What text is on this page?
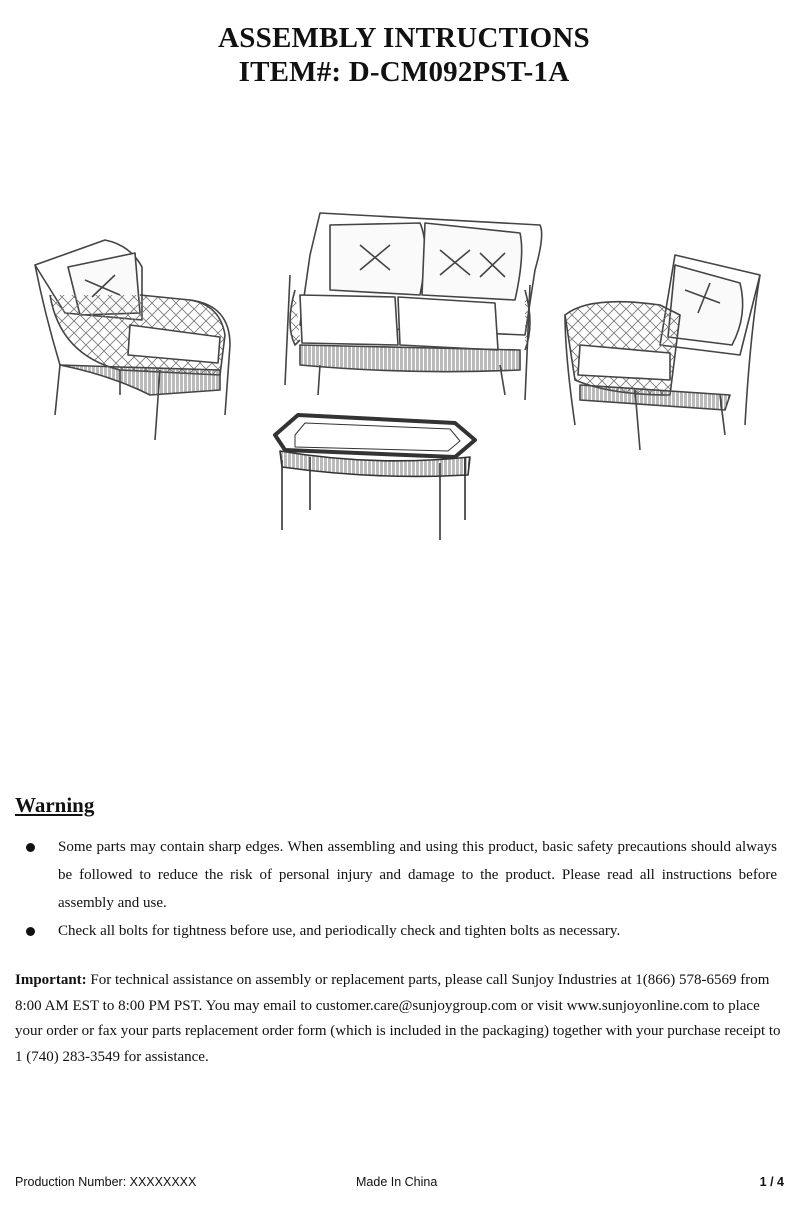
ASSEMBLY INTRUCTIONS
ITEM#: D-CM092PST-1A
Warning
Some parts may contain sharp edges. When assembling and using this product, basic safety precautions should always be followed to reduce the risk of personal injury and damage to the product. Please read all instructions before assembly and use.
Check all bolts for tightness before use, and periodically check and tighten bolts as necessary.
Important: For technical assistance on assembly or replacement parts, please call Sunjoy Industries at 1(866) 578-6569 from 8:00 AM EST to 8:00 PM PST. You may email to customer.care@sunjoygroup.com or visit www.sunjoyonline.com to place your order or fax your parts replacement order form (which is included in the packaging) together with your purchase receipt to 1 (740) 283-3549 for assistance.
Production Number: XXXXXXXX	Made In China	1 / 4
